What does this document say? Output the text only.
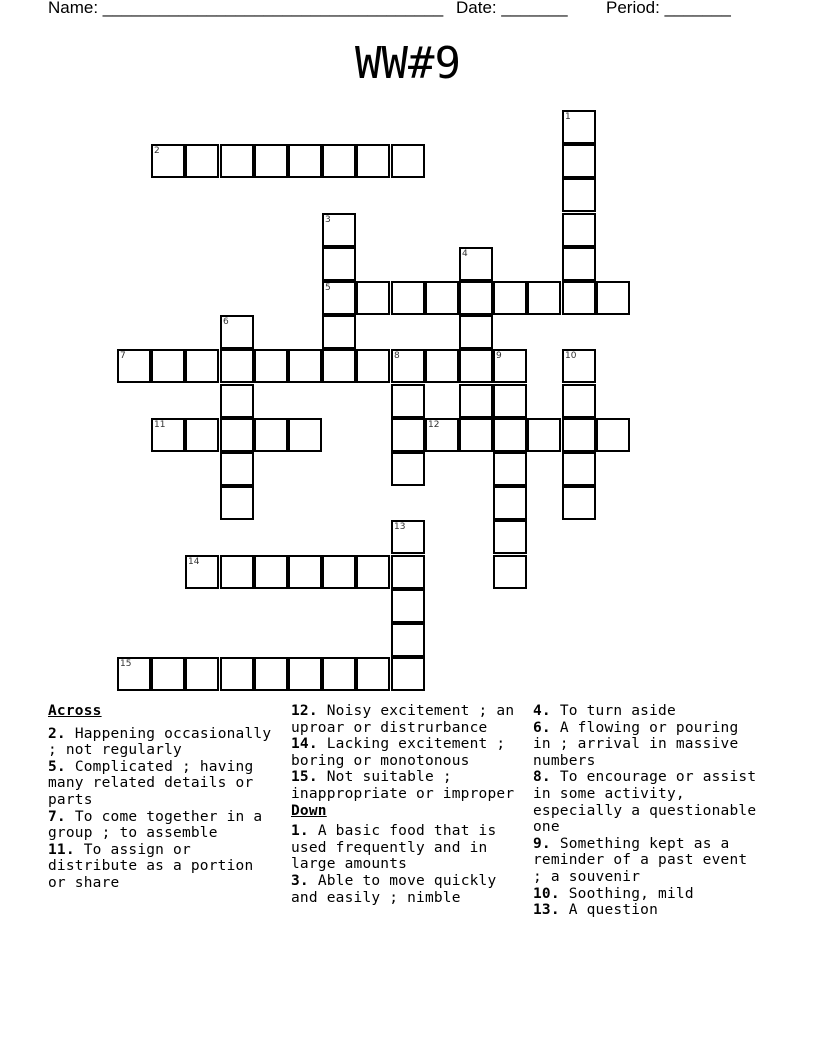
Name: ____________________________________ Date: _______ Period: _______
WW#9
1
2
3
5
4
6
7	8	9	10
11	12
13
14
15
Across
2. Happening occasionally ; not regularly
5. Complicated ; having many related details or parts
7. To come together in a group ; to assemble
11. To assign or distribute as a portion or share
12. Noisy excitement ; an uproar or distrurbance
14. Lacking excitement ; boring or monotonous
15. Not suitable ; inappropriate or improper
Down
1. A basic food that is used frequently and in large amounts
3. Able to move quickly and easily ; nimble
4. To turn aside
6. A flowing or pouring in ; arrival in massive numbers
8. To encourage or assist in some activity, especially a questionable one
9. Something kept as a reminder of a past event ; a souvenir
10. Soothing, mild
13. A question
